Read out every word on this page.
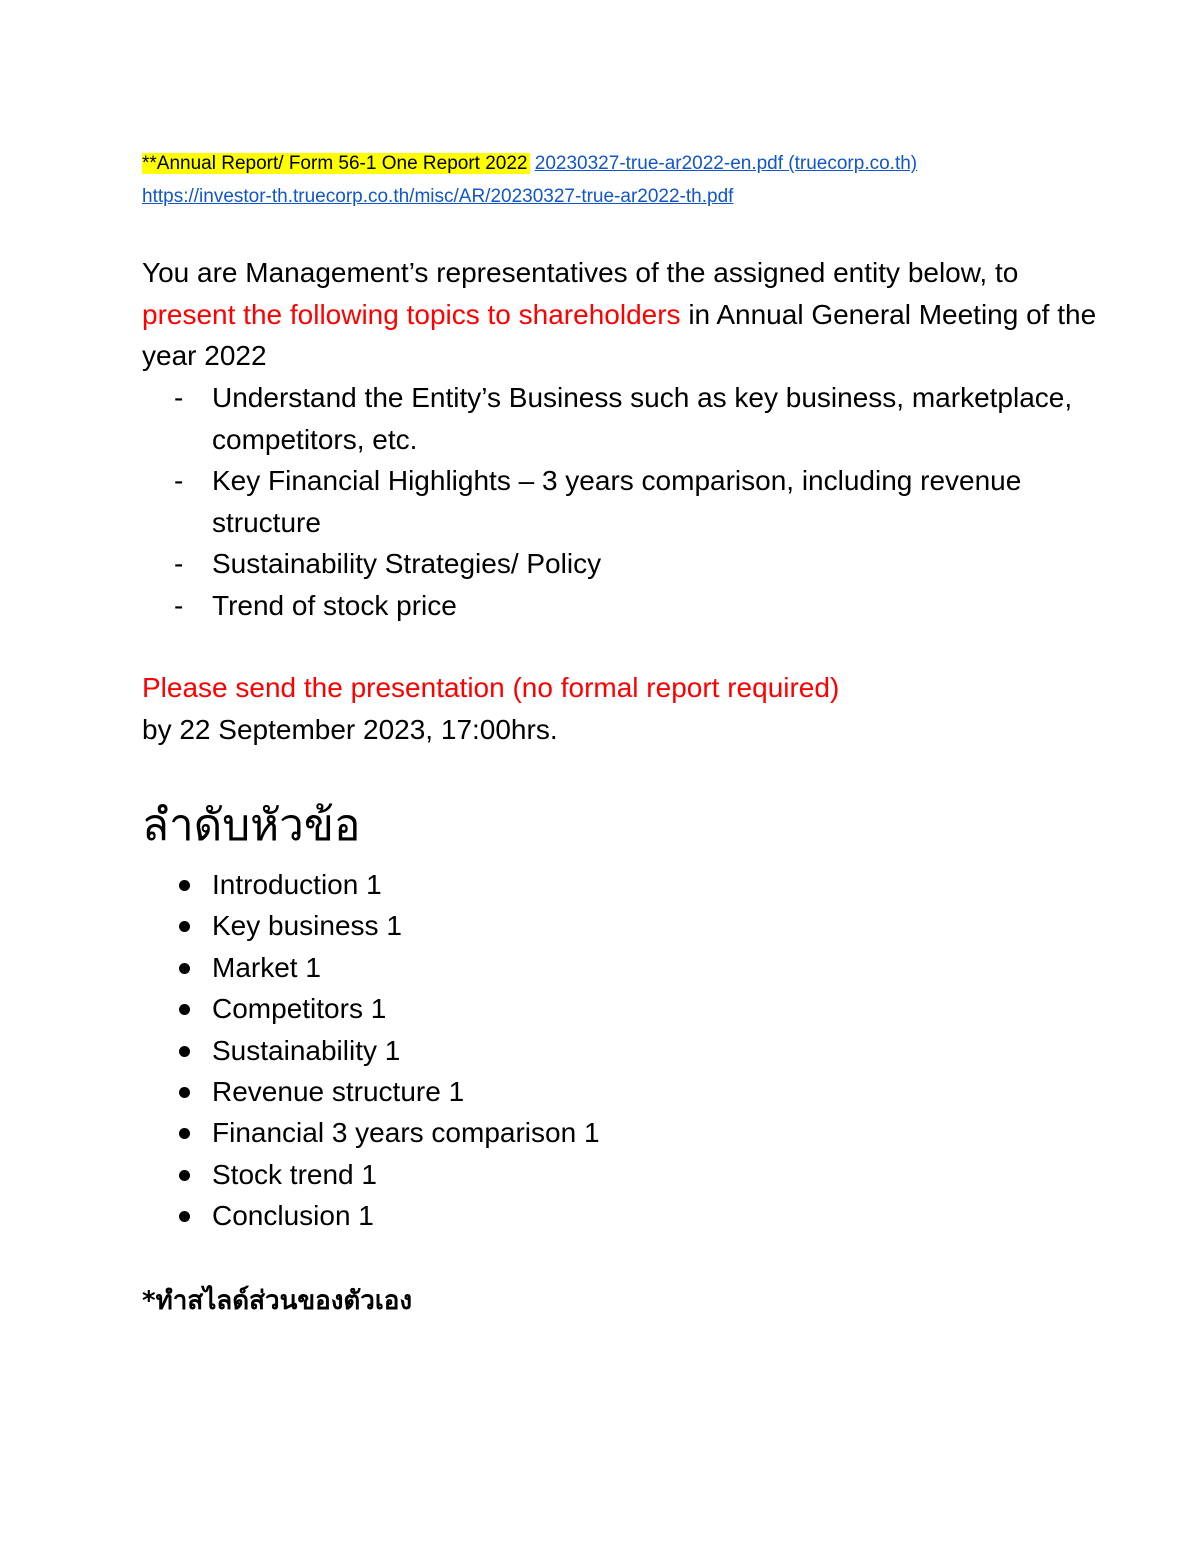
**Annual Report/ Form 56-1 One Report 2022 20230327-true-ar2022-en.pdf (truecorp.co.th)
https://investor-th.truecorp.co.th/misc/AR/20230327-true-ar2022-th.pdf
You are Management’s representatives of the assigned entity below, to present the following topics to shareholders in Annual General Meeting of the year 2022
- Understand the Entity’s Business such as key business, marketplace, competitors, etc.
- Key Financial Highlights – 3 years comparison, including revenue structure
- Sustainability Strategies/ Policy
- Trend of stock price
Please send the presentation (no formal report required)
by 22 September 2023, 17:00hrs.
ลำดับหัวข้อ
Introduction 1
Key business 1
Market 1
Competitors 1
Sustainability 1
Revenue structure 1
Financial 3 years comparison 1
Stock trend 1
Conclusion 1
*ทำสไลด์ส่วนของตัวเอง
